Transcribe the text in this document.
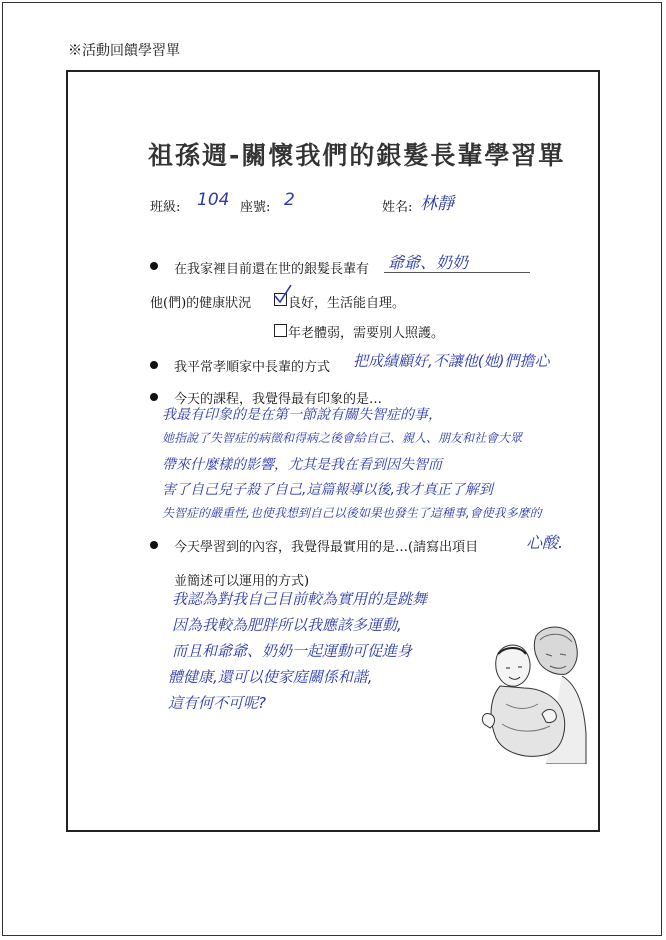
※活動回饋學習單
祖孫週-關懷我們的銀髮長輩學習單
班級: 104 座號: 2	姓名: 林靜
在我家裡目前還在世的銀髮長輩有 爺爺、奶奶
他(們)的健康狀況	良好，生活能自理。
年老體弱，需要別人照護。
我平常孝順家中長輩的方式 把成績顧好,不讓他(她)們擔心
今天的課程，我覺得最有印象的是…
我最有印象的是在第一節說有關失智症的事，
她指說了失智症的病徵和得病之後會給自己、親人、朋友和社會大眾
帶來什麼樣的影響，尤其是我在看到因失智而
害了自己兒子殺了自己,這篇報導以後,我才真正了解到
失智症的嚴重性,也使我想到自己以後如果也發生了這種事,會使我多麼的
今天學習到的內容，我覺得最實用的是…(請寫出項目	心酸.
並簡述可以運用的方式)
我認為對我自己目前較為實用的是跳舞
因為我較為肥胖所以我應該多運動,
而且和爺爺、奶奶一起運動可促進身
體健康,還可以使家庭關係和諧,
這有何不可呢?
